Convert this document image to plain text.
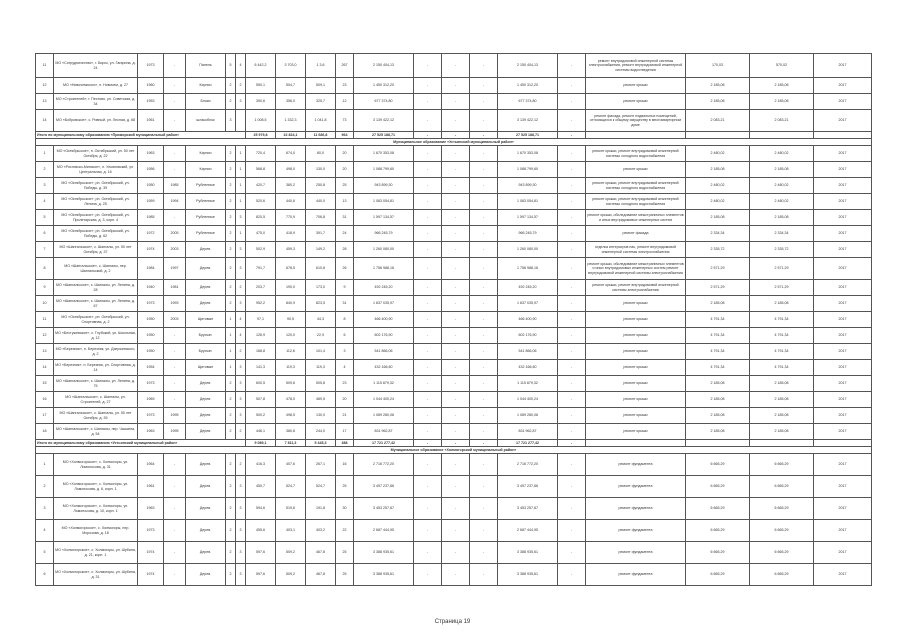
11	МО «Сотрудничество», г. Бирск, ул. Гагарина, д. 24	1973	-	Панель	5	4	6 442,2	3 703,0	1 3,6	267	2 150 404,13	-	-	-	2 150 404,13	-	ремонт внутридомовой инженерной системы электроснабжения, ремонт внутридомовой инженерной системы водоотведения	170,03	570,02	2017
12	МО «Новочемского», п. Новочем, д. 27	1960	-	Кирпич	2	2	550,1	504,7	509,1	23	1 450 312,20	-	-	-	1 450 312,20	-	ремонт крыши	2 185,08	2 185,08	2017
13	МО «Строителей», г. Пестово, ул. Советская, д. 34	1953	-	Блоки	2	3	390,6	356,0	325,7	12	677 374,80	-	-	-	677 374,80	-	ремонт крыши	2 185,08	2 185,08	2017
14	МО «Бобровское», с. Ровный, ул. Лесная, д. 68	1961	-	шлакоблок	3		1 008,5	1 332,3	1 041,8	73	3 139 422,12	-	-	-	3 139 422,12	-	ремонт фасада, ремонт подвальных помещений, относящихся к общему имуществу в многоквартирном доме	2 083,21	2 083,21	2017
Итого по муниципальному образованию «Приморский муниципальный район»							25 979,8	22 824,1	11 686,8	964	27 525 188,71	-	-	-	27 525 188,71	-				
Муниципальное образование «Устьянский муниципальный район»																				
1	МО «Октябрьское», п. Октябрьский, ул. 50 лет Октября, д. 22	1963	-	Кирпич	2	1	720,4	674,0	80,0	20	1 670 353,08	-	-	-	1 670 353,08	-	ремонт крыши, ремонт внутридомовой инженерной системы холодного водоснабжения	2 480,02	2 480,02	2017
2	МО «Ростовско-Минское», п. Ульяновский, ул. Центральная, д. 16	1956	-	Кирпич	2	1	568,8	498,0	130,0	20	1 088 799,60	-	-	-	1 088 799,60	-	ремонт крыши	2 185,08	2 185,08	2017
3	МО «Октябрьское», рп. Октябрьский, ул. Победы, д. 39	1950	1985	Рубленные	2	1	420,7	380,2	250,8	25	943 899,30	-	-	-	943 899,30	-	ремонт крыши, ремонт внутридомовой инженерной системы холодного водоснабжения	2 480,02	2 480,02	2017
4	МО «Октябрьское», рп. Октябрьский, ул. Ленина, д. 25	1959	1994	Рубленные	2	1	520,6	440,6	440,0	13	1 083 054,81	-	-	-	1 083 054,81	-	ремонт крыши, ремонт внутридомовой инженерной системы холодного водоснабжения	2 480,02	2 480,02	2017
5	МО «Октябрьское», рп. Октябрьский, ул. Пролетарская, д. 3, корп. 4	1985	-	Рубленные	2	3	820,5	770,9	706,8	31	1 597 134,57	-	-	-	1 597 134,57	-	ремонт крыши, обследование межстраничных элементов и иных внутридомовых инженерных систем	2 185,08	2 185,08	2017
6	МО «Октябрьское», рп. Октябрьский, ул. Победы, д. 62	1972	2005	Рубленные	2	1	475,0	418,9	391,7	24	966 245,79	-	-	-	966 245,79	-	ремонт фасада	2 334,34	2 334,34	2017
7	МО «Шангальское», с. Шангалы, ул. 50 лет Октября, д. 37	1974	2003	Дерев.	2	3	502,9	459,3	149,2	28	1 260 080,00	-	-	-	1 260 080,00	-	отделка интерьеров нас, ремонт внутридомовой инженерной системы электроснабжения	2 335,72	2 335,72	2017
8	МО «Шангальское», с. Шангалы, пер. Шангальский, д. 2	1984	1997	Дерев.	2	3	791,7	678,5	610,8	26	1 756 988,16	-	-	-	1 756 988,16	-	ремонт крыши, обследование межстраничных элементов и иных внутридомовых инженерных систем ремонт внутридомовой инженерной системы электроснабжения	2 571,29	2 571,29	2017
9	МО «Шангальское», с. Шангалы, ул. Ленина, д. 28	1940	1981	Дерев.	2	2	203,7	190,0	173,0	9	492 245,20	-	-	-	492 245,20	-	ремонт крыши, ремонт внутридомовой инженерной системы электроснабжения	2 571,29	2 571,29	2017
10	МО «Шангальское», с. Шангалы, ул. Ленина, д. 67	1973	1993	Дерев.	2	3	952,2	840,9	823,5	31	1 837 035,97	-	-	-	1 837 035,97	-	ремонт крыши	2 185,08	2 185,08	2017
11	МО «Октябрьское», рп. Октябрьский, ул. Спортивная, д. 2	1950	2003	Щитовые	1	4	97,1	90,5	44,3	8	466 400,90	-	-	-	466 400,90	-	ремонт крыши	4 791,34	4 791,34	2017
12	МО «Бестужевское», с. Глубокий, ул. Школьная, д. 12	1950	-	Брусчат.	1	4	126,9	120,0	22,9	6	602 176,90	-	-	-	602 176,90	-	ремонт крыши	4 791,34	4 791,34	2017
13	МО «Березник», п. Березник, ул. Дзержинского, д. 2	1950	-	Брусчат.	1	2	168,8	112,6	101,4	3	541 866,06	-	-	-	541 866,06	-	ремонт крыши	4 791,34	4 791,34	2017
14	МО «Березник», п. Березник, ул. Спортивная, д. 14	1954	-	Щитовые	1	3	141,3	119,3	119,3	4	432 166,60	-	-	-	432 166,60	-	ремонт крыши	4 791,34	4 791,34	2017
15	МО «Шангальское», с. Шангалы, ул. Ленина, д. 75	1973	-	Дерев.	2	3	600,5	509,6	505,8	23	1 115 879,32	-	-	-	1 115 879,32	-	ремонт крыши	2 185,08	2 185,08	2017
16	МО «Шангальское», с. Шангалы, ул. Строителей, д. 27	1969	-	Дерев.	2	3	507,8	478,0	469,5	20	1 044 400,24	-	-	-	1 044 400,24	-	ремонт крыши	2 185,08	2 185,08	2017
17	МО «Шангальское», с. Шангалы, ул. 50 лет Октября, д. 39	1973	1995	Дерев.	2	3	500,2	498,5	130,0	21	1 089 280,08	-	-	-	1 089 280,08	-	ремонт крыши	2 185,08	2 185,08	2017
18	МО «Шангальское», с. Шангалы, пер. Чашанга, д. 54	1963	1995	Дерев.	2	2	446,1	380,8	244,0	17	831 962,87	-	-	-	831 962,87	-	ремонт крыши	2 185,08	2 185,08	2017
Итого по муниципальному образованию «Устьянский муниципальный район»							9 089,1	7 811,3	5 445,3	388	17 721 277,42	-	-	-	17 721 277,42	-				
Муниципальное образование «Холмогорский муниципальный район»																				
1	МО «Холмогорское», с. Холмогоры, ул. Ломоносова, д. 31	1964	-	Дерев.	2	2	416,3	407,6	267,1	16	2 716 772,20	-	-	-	2 716 772,20	-	ремонт фундамента	6 665,29	6 665,29	2017
2	МО «Холмогорское», с. Холмогоры, ул. Ломоносова, д. 6, корп. 1	1961	-	Дерев.	2	3	450,7	524,7	524,7	25	3 497 237,66	-	-	-	3 497 237,66	-	ремонт фундамента	6 665,29	6 665,29	2017
3	МО «Холмогорское», с. Холмогоры, ул. Ломоносова, д. 10, корп. 1	1963	-	Дерев.	2	3	594,6	519,6	191,8	30	3 453 257,87	-	-	-	3 453 257,87	-	ремонт фундамента	6 665,29	6 665,29	2017
4	МО «Холмогорское», с. Холмогоры, пер. Морозова, д. 18	1973	-	Дерев.	2	3	455,6	403,1	403,2	22	2 687 444,95	-	-	-	2 687 444,95	-	ремонт фундамента	6 665,29	6 665,29	2017
5	МО «Холмогорское», с. Холмогоры, ул. Шубина, д. 21, корп. 1	1974	-	Дерев.	2	3	597,6	509,2	467,8	25	3 388 935,61	-	-	-	3 388 935,61	-	ремонт фундамента	6 665,29	6 665,29	2017
6	МО «Холмогорское», с. Холмогоры, ул. Шубина, д. 31	1974	-	Дерев.	2	3	597,6	509,2	467,8	25	3 388 935,61	-	-	-	3 388 935,61	-	ремонт фундамента	6 665,29	6 665,29	2017
Страница 19
